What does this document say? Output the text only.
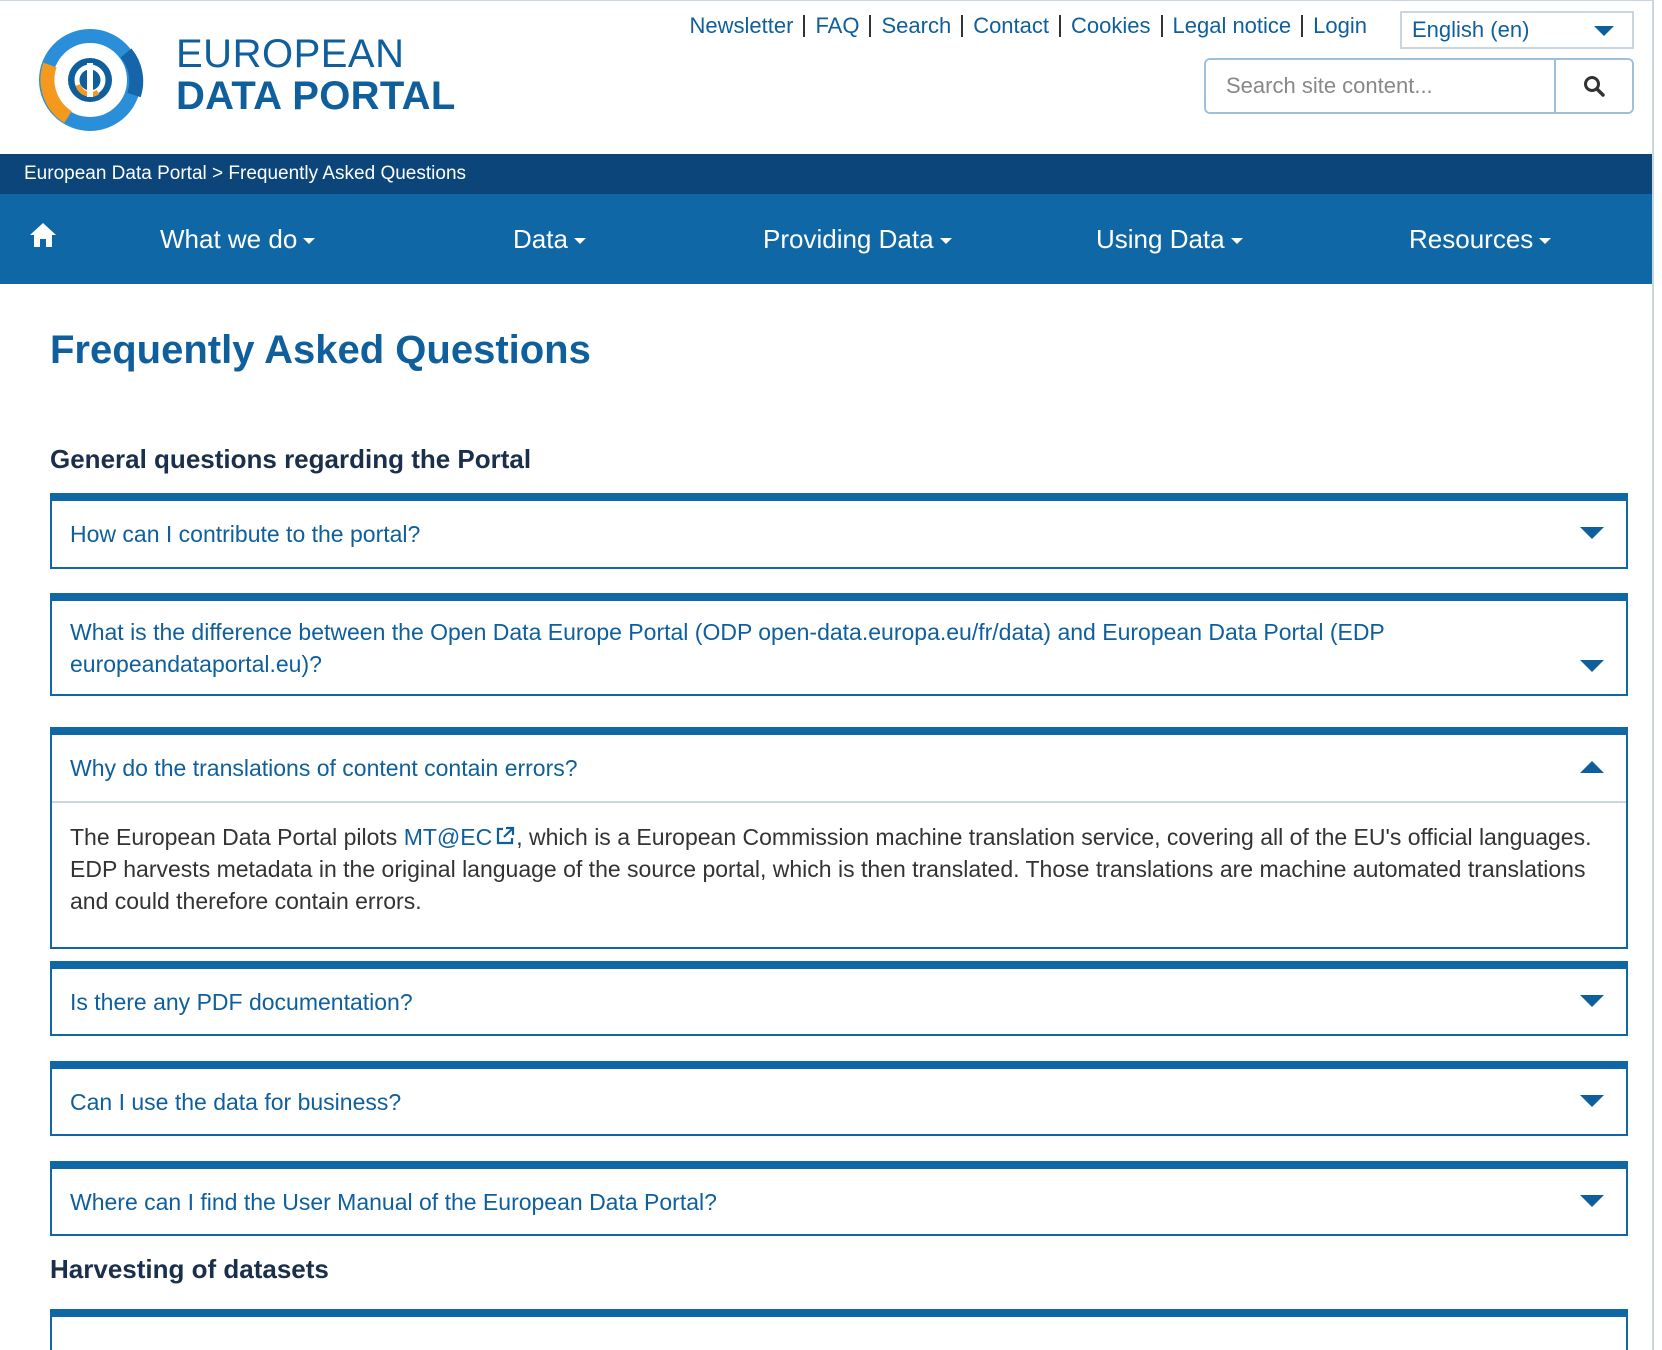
EUROPEAN
DATA PORTAL
Newsletter	FAQ	Search	Contact	Cookies	Legal notice	Login English (en)
Search site content...
European Data Portal > Frequently Asked Questions
What we do	Data	Providing Data	Using Data	Resources
Frequently Asked Questions
General questions regarding the Portal
How can I contribute to the portal?
What is the difference between the Open Data Europe Portal (ODP open-data.europa.eu/fr/data) and European Data Portal (EDP europeandataportal.eu)?
Why do the translations of content contain errors?
The European Data Portal pilots MT@EC , which is a European Commission machine translation service, covering all of the EU's official languages. EDP harvests metadata in the original language of the source portal, which is then translated. Those translations are machine automated translations and could therefore contain errors.
Is there any PDF documentation?
Can I use the data for business?
Where can I find the User Manual of the European Data Portal?
Harvesting of datasets
